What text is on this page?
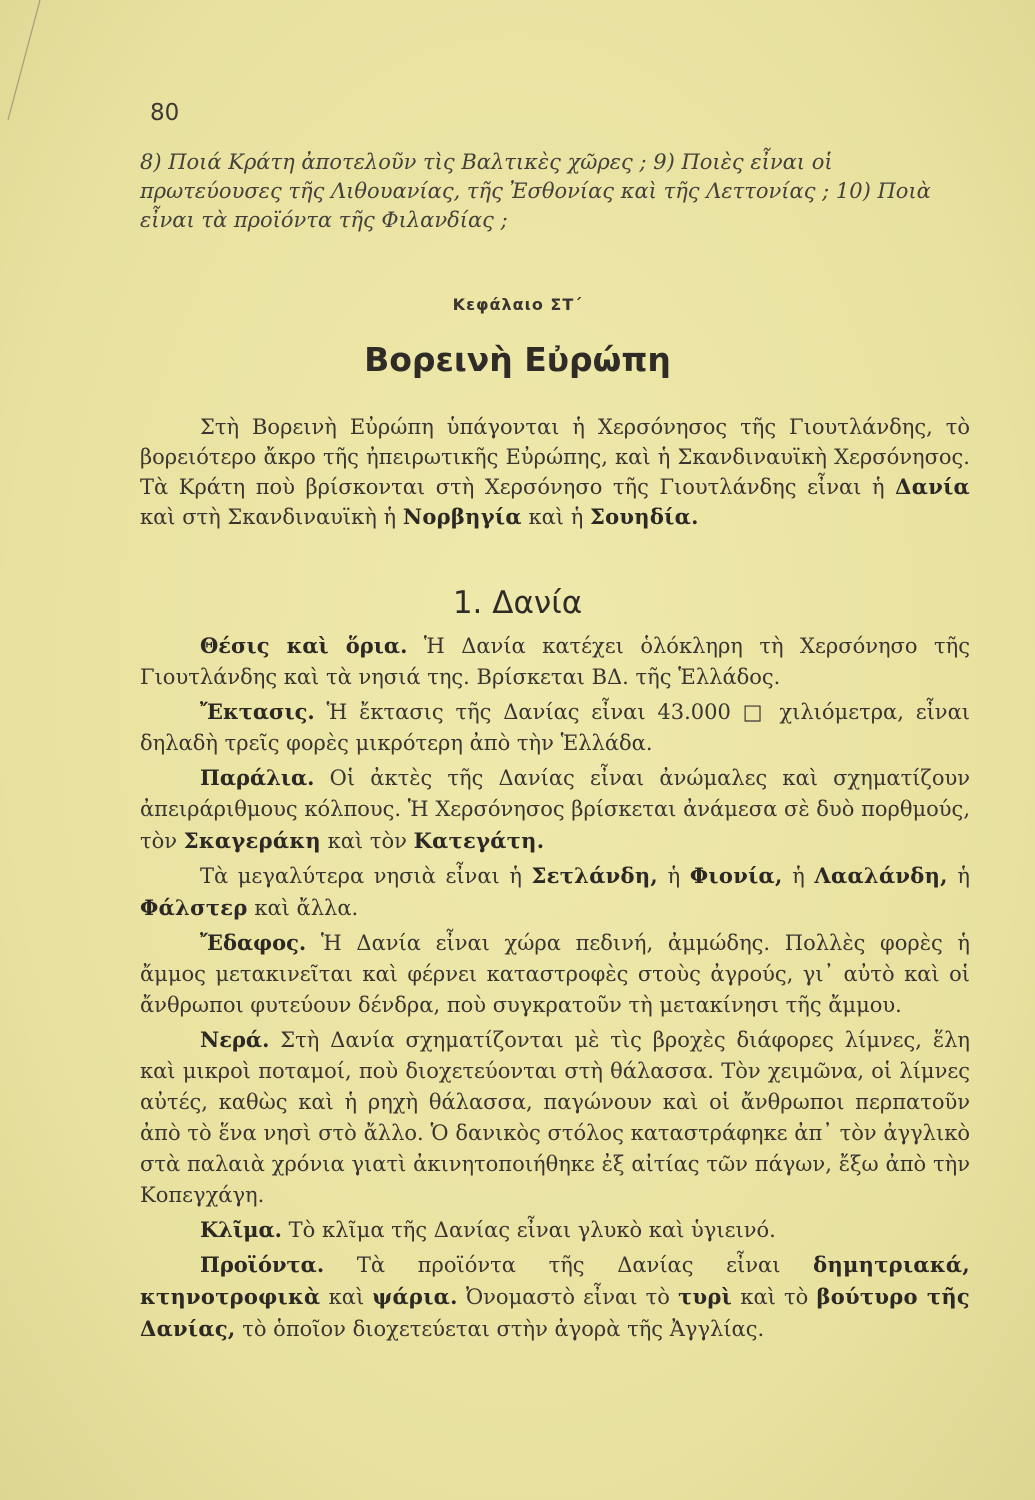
80
8) Ποιά Κράτη ἀποτελοῦν τὶς Βαλτικὲς χῶρες ; 9) Ποιὲς εἶναι οἱ πρωτεύουσες τῆς Λιθουανίας, τῆς Ἐσθονίας καὶ τῆς Λεττονίας ; 10) Ποιὰ εἶναι τὰ προϊόντα τῆς Φιλανδίας ;
Κεφάλαιο ΣΤ΄
Βορεινὴ Εὐρώπη
Στὴ Βορεινὴ Εὐρώπη ὑπάγονται ἡ Χερσόνησος τῆς Γιουτλάνδης, τὸ βορειότερο ἄκρο τῆς ἠπειρωτικῆς Εὐρώπης, καὶ ἡ Σκανδιναυϊκὴ Χερσόνησος. Τὰ Κράτη ποὺ βρίσκονται στὴ Χερσόνησο τῆς Γιουτλάνδης εἶναι ἡ Δανία καὶ στὴ Σκανδιναυϊκὴ ἡ Νορβηγία καὶ ἡ Σουηδία.
1. Δανία

Θέσις καὶ ὅρια. Ἡ Δανία κατέχει ὁλόκληρη τὴ Χερσόνησο τῆς Γιουτλάνδης καὶ τὰ νησιά της. Βρίσκεται ΒΔ. τῆς Ἑλλάδος.

Ἔκτασις. Ἡ ἔκτασις τῆς Δανίας εἶναι 43.000 □ χιλιόμετρα, εἶναι δηλαδὴ τρεῖς φορὲς μικρότερη ἀπὸ τὴν Ἑλλάδα.

Παράλια. Οἱ ἀκτὲς τῆς Δανίας εἶναι ἀνώμαλες καὶ σχηματίζουν ἀπειράριθμους κόλπους. Ἡ Χερσόνησος βρίσκεται ἀνάμεσα σὲ δυὸ πορθμούς, τὸν Σκαγεράκη καὶ τὸν Κατεγάτη.

Τὰ μεγαλύτερα νησιὰ εἶναι ἡ Σετλάνδη, ἡ Φιονία, ἡ Λααλάνδη, ἡ Φάλστερ καὶ ἄλλα.

Ἔδαφος. Ἡ Δανία εἶναι χώρα πεδινή, ἀμμώδης. Πολλὲς φορὲς ἡ ἄμμος μετακινεῖται καὶ φέρνει καταστροφὲς στοὺς ἀγρούς, γι᾽ αὐτὸ καὶ οἱ ἄνθρωποι φυτεύουν δένδρα, ποὺ συγκρατοῦν τὴ μετακίνησι τῆς ἄμμου.

Νερά. Στὴ Δανία σχηματίζονται μὲ τὶς βροχὲς διάφορες λίμνες, ἕλη καὶ μικροὶ ποταμοί, ποὺ διοχετεύονται στὴ θάλασσα. Τὸν χειμῶνα, οἱ λίμνες αὐτές, καθὼς καὶ ἡ ρηχὴ θάλασσα, παγώνουν καὶ οἱ ἄνθρωποι περπατοῦν ἀπὸ τὸ ἕνα νησὶ στὸ ἄλλο. Ὁ δανικὸς στόλος καταστράφηκε ἀπ᾽ τὸν ἀγγλικὸ στὰ παλαιὰ χρόνια γιατὶ ἀκινητοποιήθηκε ἐξ αἰτίας τῶν πάγων, ἔξω ἀπὸ τὴν Κοπεγχάγη.

Κλῖμα. Τὸ κλῖμα τῆς Δανίας εἶναι γλυκὸ καὶ ὑγιεινό.

Προϊόντα. Τὰ προϊόντα τῆς Δανίας εἶναι δημητριακά, κτηνοτροφικὰ καὶ ψάρια. Ὀνομαστὸ εἶναι τὸ τυρὶ καὶ τὸ βούτυρο τῆς Δανίας, τὸ ὁποῖον διοχετεύεται στὴν ἀγορὰ τῆς Ἀγγλίας.
